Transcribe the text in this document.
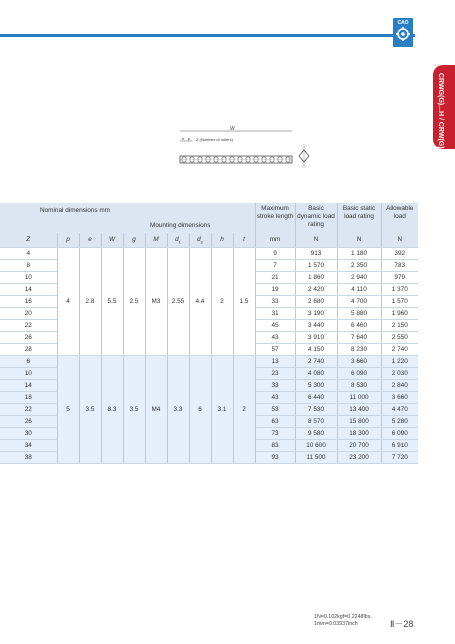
CAO
CRWG(G)...H / CRW(G)
W
e p Z (Number of rollers)
Nominal dimensions mm
Mounting dimensions										Maximum stroke length	Basic dynamic load rating	Basic static load rating	Allowable load
Z	p	e	W	g	M	$d_1$	$d_2$	h	t	mm	N	N	N
4	4	2.8	5.5	2.5	M3	2.55	4.4	2	1.5	9	913	1 180	392
8										7	1 570	2 350	783
10										21	1 860	2 940	979
14										19	2 420	4 110	1 370
16										33	2 680	4 700	1 570
20										31	3 190	5 880	1 960
22										45	3 440	6 460	2 150
26										43	3 910	7 640	2 550
28										57	4 150	8 230	2 740
6	5	3.5	8.3	3.5	M4	3.3	6	3.1	2	13	2 740	3 660	1 220
10										23	4 080	6 090	2 030
14										33	5 300	8 530	2 840
18										43	6 440	11 000	3 660
22										53	7 530	13 400	4 470
26										63	8 570	15 800	5 280
30										73	9 580	18 300	6 090
34										83	10 600	20 700	6 910
38										93	11 500	23 200	7 720
1N=0.102kgf=0.2248lbs.
1mm=0.03937inch	Ⅱ－28
